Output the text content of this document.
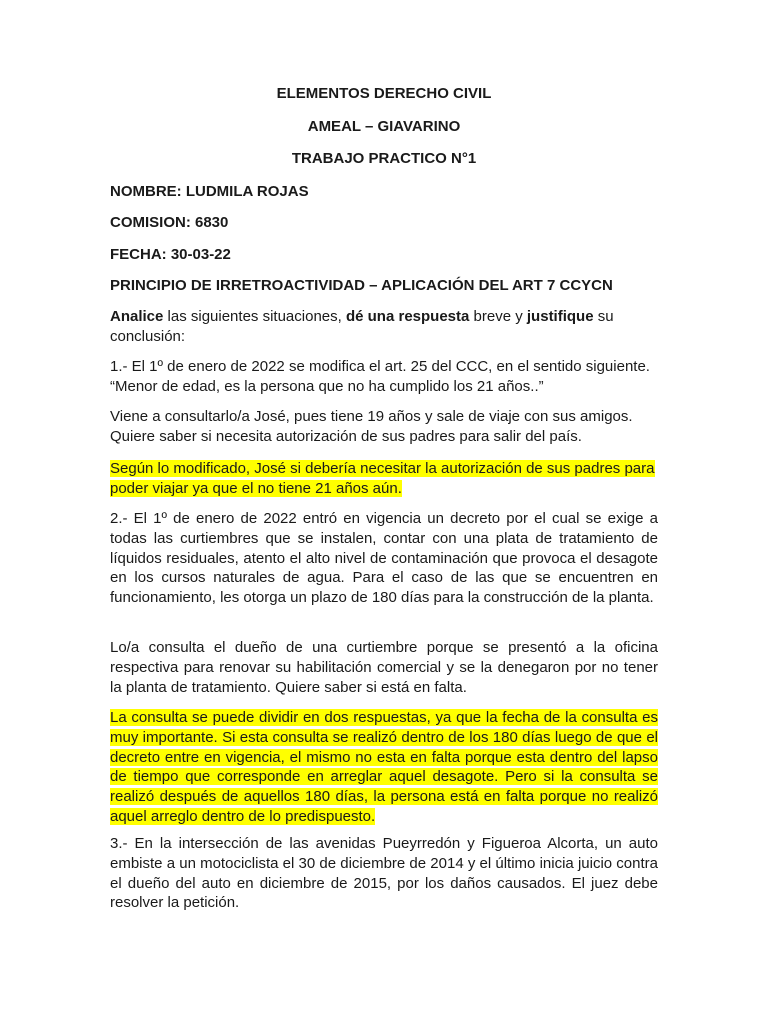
ELEMENTOS DERECHO CIVIL

AMEAL – GIAVARINO

TRABAJO PRACTICO N°1

NOMBRE: LUDMILA ROJAS

COMISION: 6830

FECHA: 30-03-22

PRINCIPIO DE IRRETROACTIVIDAD – APLICACIÓN DEL ART 7 CCYCN

Analice las siguientes situaciones, dé una respuesta breve y justifique su conclusión:

1.- El 1º de enero de 2022 se modifica el art. 25 del CCC, en el sentido siguiente. “Menor de edad, es la persona que no ha cumplido los 21 años..”

Viene a consultarlo/a José, pues tiene 19 años y sale de viaje con sus amigos. Quiere saber si necesita autorización de sus padres para salir del país.

Según lo modificado, José si debería necesitar la autorización de sus padres para poder viajar ya que el no tiene 21 años aún.

2.- El 1º de enero de 2022 entró en vigencia un decreto por el cual se exige a todas las curtiembres que se instalen, contar con una plata de tratamiento de líquidos residuales, atento el alto nivel de contaminación que provoca el desagote en los cursos naturales de agua. Para el caso de las que se encuentren en funcionamiento, les otorga un plazo de 180 días para la construcción de la planta.

Lo/a consulta el dueño de una curtiembre porque se presentó a la oficina respectiva para renovar su habilitación comercial y se la denegaron por no tener la planta de tratamiento. Quiere saber si está en falta.

La consulta se puede dividir en dos respuestas, ya que la fecha de la consulta es muy importante. Si esta consulta se realizó dentro de los 180 días luego de que el decreto entre en vigencia, el mismo no esta en falta porque esta dentro del lapso de tiempo que corresponde en arreglar aquel desagote. Pero si la consulta se realizó después de aquellos 180 días, la persona está en falta porque no realizó aquel arreglo dentro de lo predispuesto.

3.- En la intersección de las avenidas Pueyrredón y Figueroa Alcorta, un auto embiste a un motociclista el 30 de diciembre de 2014 y el último inicia juicio contra el dueño del auto en diciembre de 2015, por los daños causados. El juez debe resolver la petición.
